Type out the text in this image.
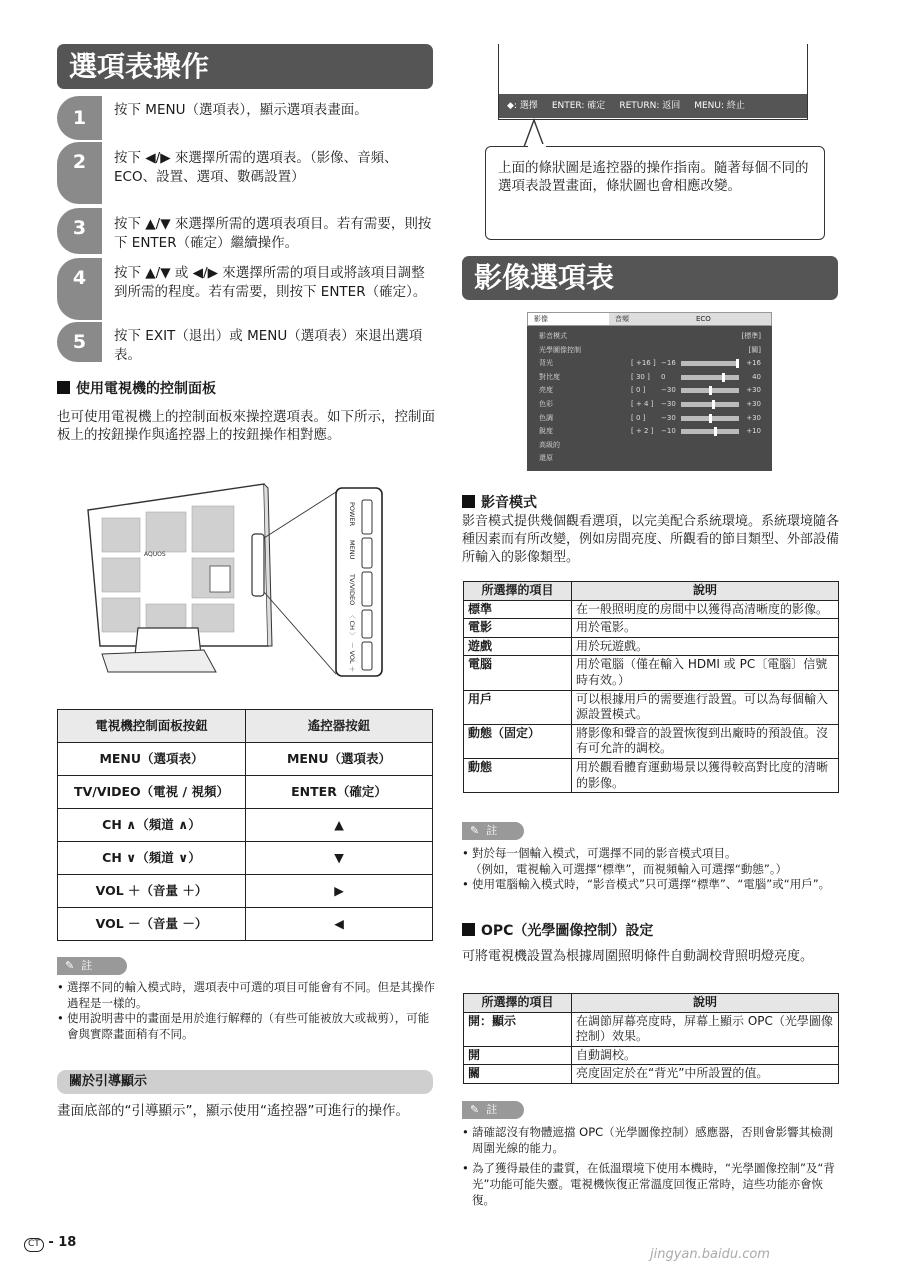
選項表操作
1	按下 MENU（選項表），顯示選項表畫面。
2	按下 ◀/▶ 來選擇所需的選項表。（影像、音頻、ECO、設置、選項、數碼設置）
3	按下 ▲/▼ 來選擇所需的選項表項目。若有需要，則按下 ENTER（確定）繼續操作。
4	按下 ▲/▼ 或 ◀/▶ 來選擇所需的項目或將該項目調整到所需的程度。若有需要，則按下 ENTER（確定）。
5	按下 EXIT（退出）或 MENU（選項表）來退出選項表。
使用電視機的控制面板
也可使用電視機上的控制面板來操控選項表。如下所示，控制面板上的按鈕操作與遙控器上的按鈕操作相對應。
AQUOS
POWER
MENU
TV/VIDEO
〈 CH 〉
－ VOL ＋
電視機控制面板按鈕	遙控器按鈕
MENU（選項表）	MENU（選項表）
TV/VIDEO（電視 / 視頻）	ENTER（確定）
CH ∧（頻道 ∧）	▲
CH ∨（頻道 ∨）	▼
VOL ＋（音量 ＋）	▶
VOL －（音量 －）	◀
✎ 註
• 選擇不同的輸入模式時，選項表中可選的項目可能會有不同。但是其操作過程是一樣的。
• 使用說明書中的畫面是用於進行解釋的（有些可能被放大或裁剪），可能會與實際畫面稍有不同。
關於引導顯示
畫面底部的“引導顯示”，顯示使用“遙控器”可進行的操作。
CT - 18
◆: 選擇 ENTER: 確定 RETURN: 返回 MENU: 終止
上面的條狀圖是遙控器的操作指南。隨著每個不同的選項表設置畫面，條狀圖也會相應改變。
影像選項表
影像	音頻	ECO
影音模式	[標準]
光學圖像控制	[關]
背光	[ +16 ] −16	+16
對比度	[ 30 ] 0	40
亮度	[ 0 ] −30	+30
色彩	[ + 4 ] −30	+30
色調	[ 0 ] −30	+30
銳度	[ + 2 ] −10	+10
高級的
還原
影音模式
影音模式提供幾個觀看選項，以完美配合系統環境。系統環境隨各種因素而有所改變，例如房間亮度、所觀看的節目類型、外部設備所輸入的影像類型。
所選擇的項目	說明
標準	在一般照明度的房間中以獲得高清晰度的影像。
電影	用於電影。
遊戲	用於玩遊戲。
電腦	用於電腦（僅在輸入 HDMI 或 PC〔電腦〕信號時有效。）
用戶	可以根據用戶的需要進行設置。可以為每個輸入源設置模式。
動態（固定）	將影像和聲音的設置恢復到出廠時的預設值。沒有可允許的調校。
動態	用於觀看體育運動場景以獲得較高對比度的清晰的影像。
✎ 註
• 對於每一個輸入模式，可選擇不同的影音模式項目。
（例如，電視輸入可選擇“標準”，而視頻輸入可選擇“動態”。）
• 使用電腦輸入模式時，“影音模式”只可選擇“標準”、“電腦”或“用戶”。
OPC（光學圖像控制）設定
可將電視機設置為根據周圍照明條件自動調校背照明燈亮度。
所選擇的項目	說明
開：顯示	在調節屏幕亮度時，屏幕上顯示 OPC（光學圖像控制）效果。
開	自動調校。
關	亮度固定於在“背光”中所設置的值。
✎ 註
• 請確認沒有物體遮擋 OPC（光學圖像控制）感應器，否則會影響其檢測周圍光線的能力。
• 為了獲得最佳的畫質，在低溫環境下使用本機時，“光學圖像控制”及“背光”功能可能失靈。電視機恢復正常溫度回復正常時，這些功能亦會恢復。
jingyan.baidu.com
